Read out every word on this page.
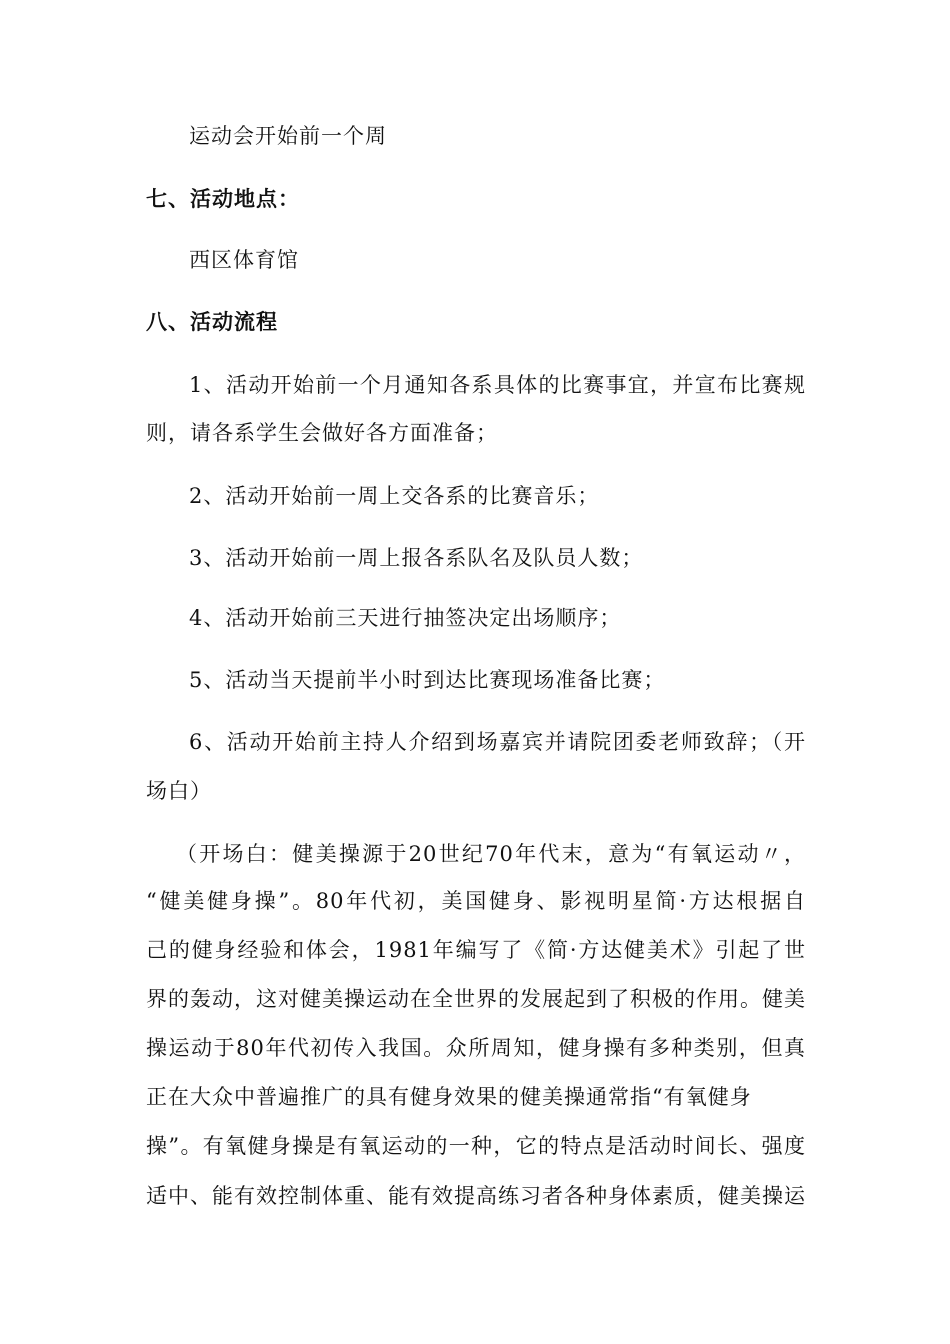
运动会开始前一个周
七、活动地点：
西区体育馆
八、活动流程
1、活动开始前一个月通知各系具体的比赛事宜，并宣布比赛规
则，请各系学生会做好各方面准备；
2、活动开始前一周上交各系的比赛音乐；
3、活动开始前一周上报各系队名及队员人数；
4、活动开始前三天进行抽签决定出场顺序；
5、活动当天提前半小时到达比赛现场准备比赛；
6、活动开始前主持人介绍到场嘉宾并请院团委老师致辞；（开
场白）
（开场白：健美操源于20世纪70年代末，意为“有氧运动〃，
“健美健身操”。80年代初，美国健身、影视明星简·方达根据自
己的健身经验和体会，1981年编写了《简·方达健美术》引起了世
界的轰动，这对健美操运动在全世界的发展起到了积极的作用。健美
操运动于80年代初传入我国。众所周知，健身操有多种类别，但真
正在大众中普遍推广的具有健身效果的健美操通常指“有氧健身
操”。有氧健身操是有氧运动的一种，它的特点是活动时间长、强度
适中、能有效控制体重、能有效提高练习者各种身体素质，健美操运
